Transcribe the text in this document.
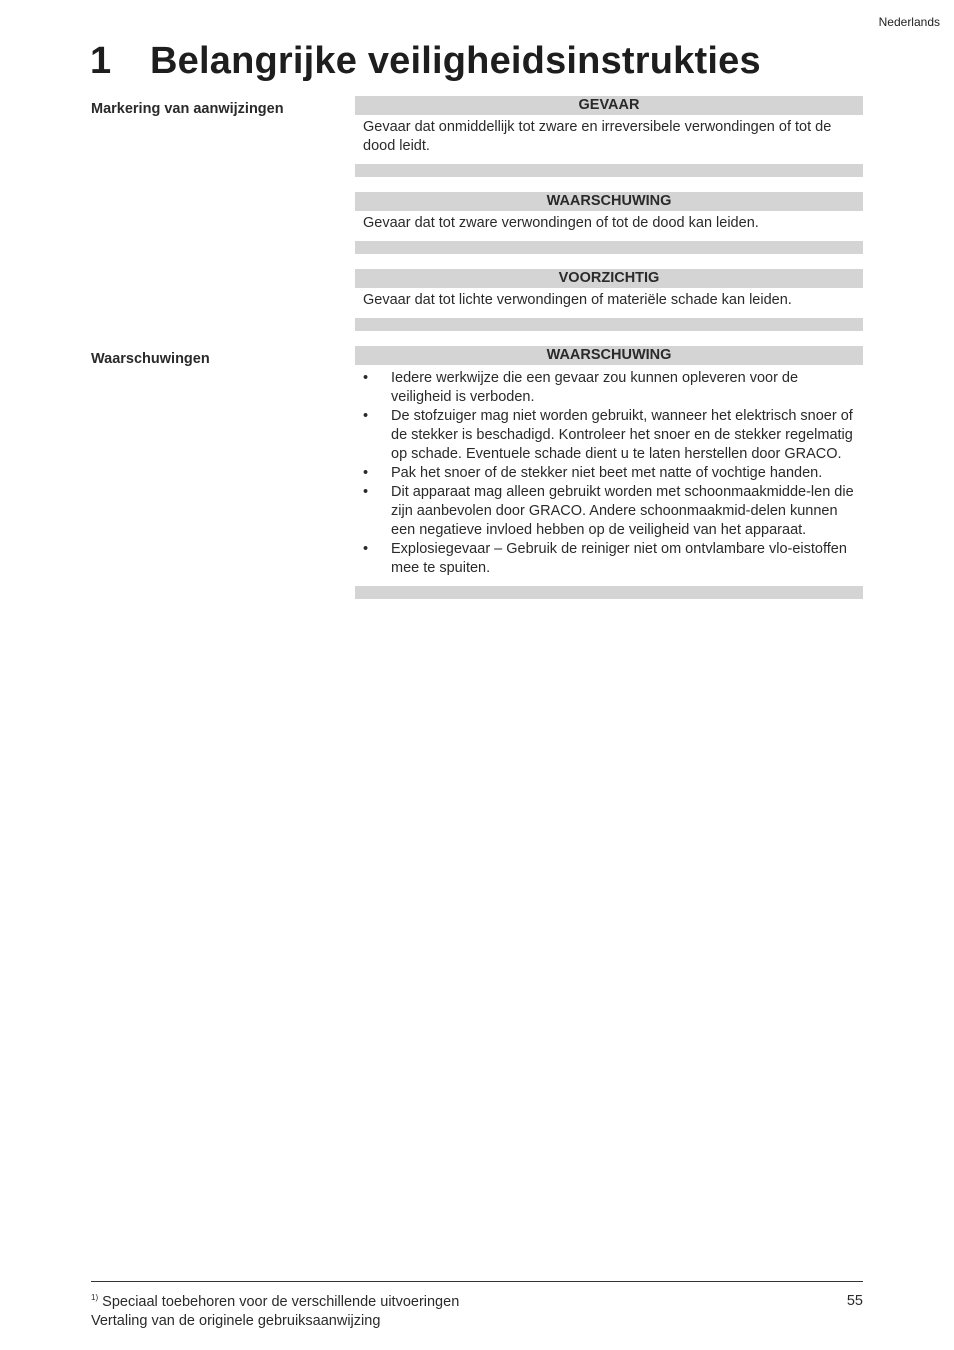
Nederlands
1 Belangrijke veiligheidsinstrukties
Markering van aanwijzingen	GEVAAR
Gevaar dat onmiddellijk tot zware en irreversibele verwondingen of tot de dood leidt.
WAARSCHUWING
Gevaar dat tot zware verwondingen of tot de dood kan leiden.
VOORZICHTIG
Gevaar dat tot lichte verwondingen of materiële schade kan leiden.
Waarschuwingen	WAARSCHUWING
•	Iedere werkwijze die een gevaar zou kunnen opleveren voor de veiligheid is verboden.
•	De stofzuiger mag niet worden gebruikt, wanneer het elektrisch snoer of de stekker is beschadigd. Kontroleer het snoer en de stekker regelmatig op schade. Eventuele schade dient u te laten herstellen door GRACO.
•	Pak het snoer of de stekker niet beet met natte of vochtige handen.
•	Dit apparaat mag alleen gebruikt worden met schoonmaakmidde-len die zijn aanbevolen door GRACO. Andere schoonmaakmid-delen kunnen een negatieve invloed hebben op de veiligheid van het apparaat.
•	Explosiegevaar – Gebruik de reiniger niet om ontvlambare vlo-eistoffen mee te spuiten.
$^{1)}$ Speciaal toebehoren voor de verschillende uitvoeringen
Vertaling van de originele gebruiksaanwijzing
55
